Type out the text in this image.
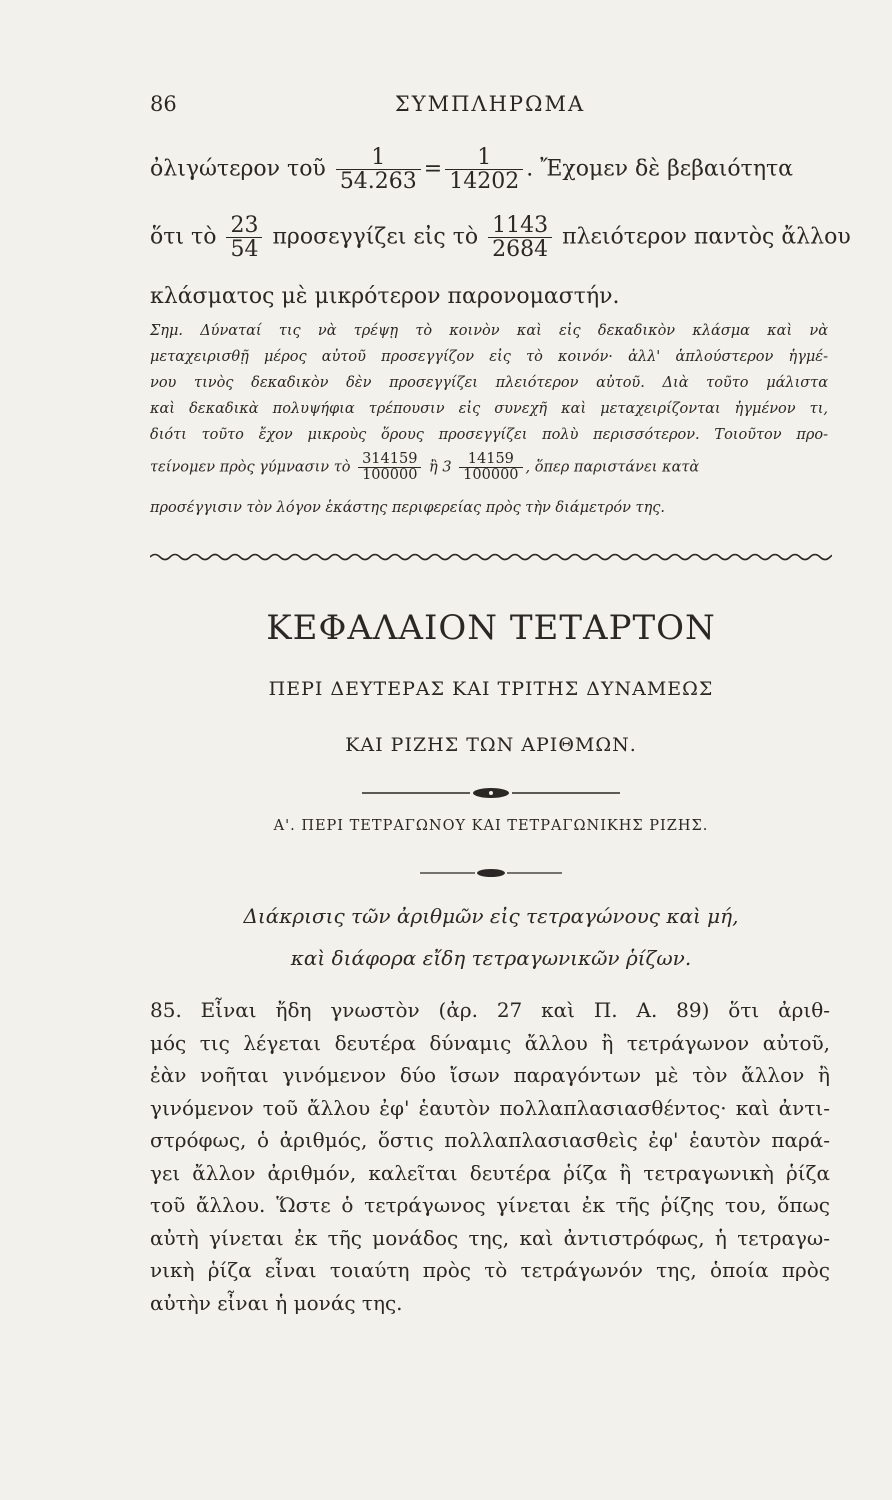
86	ΣΥΜΠΛΗΡΩΜΑ
ὀλιγώτερον τοῦ $\frac{1}{54.263} = \frac{1}{14202}$ . Ἔχομεν δὲ βεβαιότητα
ὅτι τὸ $\frac{23}{54}$ προσεγγίζει εἰς τὸ $\frac{1143}{2684}$ πλειότερον παντὸς ἄλλου
κλάσματος μὲ μικρότερον παρονομαστήν.

Σημ. Δύναταί τις νὰ τρέψῃ τὸ κοινὸν καὶ εἰς δεκαδικὸν κλάσμα καὶ νὰ

μεταχειρισθῇ μέρος αὐτοῦ προσεγγίζον εἰς τὸ κοινόν· ἀλλ' ἁπλούστερον ἡγμέ-

νου τινὸς δεκαδικὸν δὲν προσεγγίζει πλειότερον αὐτοῦ. Διὰ τοῦτο μάλιστα

καὶ δεκαδικὰ πολυψήφια τρέπουσιν εἰς συνεχῆ καὶ μεταχειρίζονται ἡγμένον τι,

διότι τοῦτο ἔχον μικροὺς ὅρους προσεγγίζει πολὺ περισσότερον. Τοιοῦτον προ-

τείνομεν πρὸς γύμνασιν τὸ $\frac{314159}{100000}$ ἢ $3 \frac{14159}{100000}$ , ὅπερ παριστάνει κατὰ
προσέγγισιν τὸν λόγον ἑκάστης περιφερείας πρὸς τὴν διάμετρόν της.
ΚΕΦΑΛΑΙΟΝ ΤΕΤΑΡΤΟΝ
ΠΕΡΙ ΔΕΥΤΕΡΑΣ ΚΑΙ ΤΡΙΤΗΣ ΔΥΝΑΜΕΩΣ
ΚΑΙ ΡΙΖΗΣ ΤΩΝ ΑΡΙΘΜΩΝ.
Α'. ΠΕΡΙ ΤΕΤΡΑΓΩΝΟΥ ΚΑΙ ΤΕΤΡΑΓΩΝΙΚΗΣ ΡΙΖΗΣ.
Διάκρισις τῶν ἀριθμῶν εἰς τετραγώνους καὶ μή,
καὶ διάφορα εἴδη τετραγωνικῶν ῥίζων.

85. Εἶναι ἤδη γνωστὸν (ἀρ. 27 καὶ Π. Α. 89) ὅτι ἀριθ-

μός τις λέγεται δευτέρα δύναμις ἄλλου ἢ τετράγωνον αὐτοῦ,

ἐὰν νοῆται γινόμενον δύο ἴσων παραγόντων μὲ τὸν ἄλλον ἢ

γινόμενον τοῦ ἄλλου ἐφ' ἑαυτὸν πολλαπλασιασθέντος· καὶ ἀντι-

στρόφως, ὁ ἀριθμός, ὅστις πολλαπλασιασθεὶς ἐφ' ἑαυτὸν παρά-

γει ἄλλον ἀριθμόν, καλεῖται δευτέρα ῥίζα ἢ τετραγωνικὴ ῥίζα

τοῦ ἄλλου. Ὥστε ὁ τετράγωνος γίνεται ἐκ τῆς ῥίζης του, ὅπως

αὐτὴ γίνεται ἐκ τῆς μονάδος της, καὶ ἀντιστρόφως, ἡ τετραγω-

νικὴ ῥίζα εἶναι τοιαύτη πρὸς τὸ τετράγωνόν της, ὁποία πρὸς

αὐτὴν εἶναι ἡ μονάς της.
